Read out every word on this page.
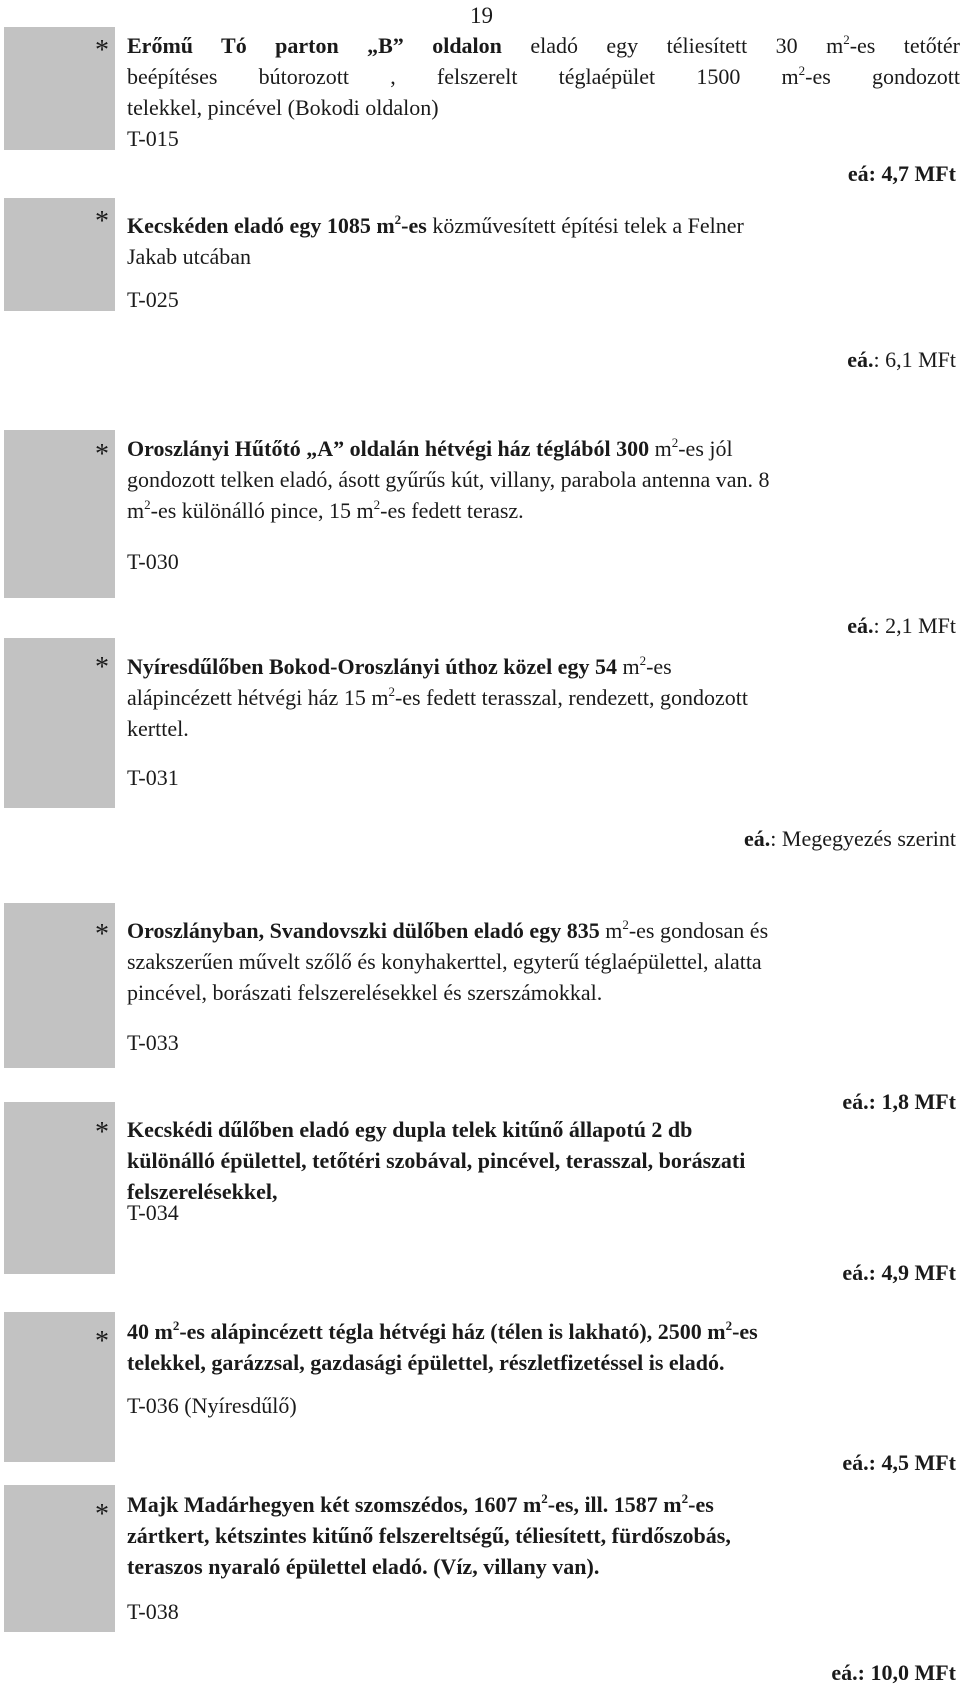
19
* Erőmű Tó parton „B” oldalon eladó egy téliesített 30 $m^2-es$ tetőtér
beépítéses bútorozott , felszerelt téglaépület 1500 $m^2-es$ gondozott
telekkel, pincével (Bokodi oldalon)
T-015
eá: 4,7 MFt
* Kecskéden eladó egy 1085 $m^2-es$ közművesített építési telek a Felner
Jakab utcában
T-025
eá.: 6,1 MFt
* Oroszlányi Hűtőtó „A” oldalán hétvégi ház téglából 300 $m^2-es$ jól
gondozott telken eladó, ásott gyűrűs kút, villany, parabola antenna van. 8
$m^2-es$ különálló pince, 15 $m^2-es$ fedett terasz.
T-030
eá.: 2,1 MFt
* Nyíresdűlőben Bokod-Oroszlányi úthoz közel egy 54 $m^2-es$
alápincézett hétvégi ház 15 $m^2-es$ fedett terasszal, rendezett, gondozott
kerttel.
T-031
eá.: Megegyezés szerint
* Oroszlányban, Svandovszki dülőben eladó egy 835 $m^2-es$ gondosan és
szakszerűen művelt szőlő és konyhakerttel, egyterű téglaépülettel, alatta
pincével, borászati felszerelésekkel és szerszámokkal.
T-033
eá.: 1,8 MFt
* Kecskédi dűlőben eladó egy dupla telek kitűnő állapotú 2 db
különálló épülettel, tetőtéri szobával, pincével, terasszal, borászati
felszerelésekkel,
T-034
eá.: 4,9 MFt
* 40 $m^2-es$ alápincézett tégla hétvégi ház (télen is lakható), 2500 $m^2-es$
telekkel, garázzsal, gazdasági épülettel, részletfizetéssel is eladó.
T-036 (Nyíresdűlő)
eá.: 4,5 MFt
* Majk Madárhegyen két szomszédos, 1607 $m^2-es$, ill. 1587 $m^2-es$
zártkert, kétszintes kitűnő felszereltségű, téliesített, fürdőszobás,
teraszos nyaraló épülettel eladó. (Víz, villany van).
T-038
eá.: 10,0 MFt
